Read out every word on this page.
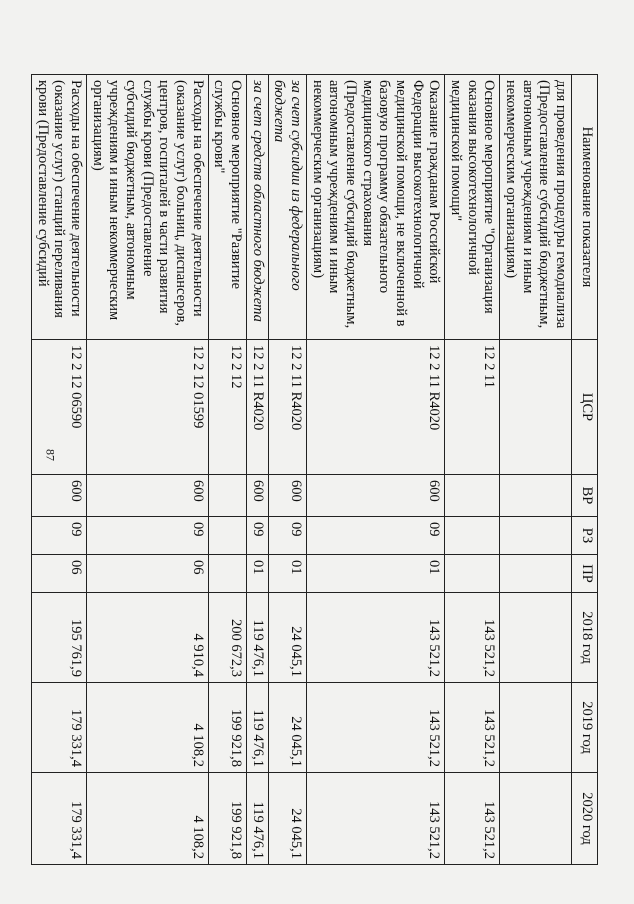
87
Наименование показателя	ЦСР	ВР	РЗ	ПР	2018 год	2019 год	2020 год
для проведения процедуры гемодиализа (Предоставление субсидий бюджетным, автономным учреждениям и иным некоммерческим организациям)							
Основное мероприятие "Организация оказания высокотехнологичной медицинской помощи"	12 2 11				143 521,2	143 521,2	143 521,2
Оказание гражданам Российской Федерации высокотехнологичной медицинской помощи, не включенной в базовую программу обязательного медицинского страхования (Предоставление субсидий бюджетным, автономным учреждениям и иным некоммерческим организациям)	12 2 11 R4020	600	09	01	143 521,2	143 521,2	143 521,2
за счет субсидии из федерального бюджета	12 2 11 R4020	600	09	01	24 045,1	24 045,1	24 045,1
за счет средств областного бюджета	12 2 11 R4020	600	09	01	119 476,1	119 476,1	119 476,1
Основное мероприятие "Развитие службы крови"	12 2 12				200 672,3	199 921,8	199 921,8
Расходы на обеспечение деятельности (оказание услуг) больниц, диспансеров, центров, госпиталей в части развития службы крови (Предоставление субсидий бюджетным, автономным учреждениям и иным некоммерческим организациям)	12 2 12 01599	600	09	06	4 910,4	4 108,2	4 108,2
Расходы на обеспечение деятельности (оказание услуг) станций переливания крови (Предоставление субсидий	12 2 12 06590	600	09	06	195 761,9	179 331,4	179 331,4
